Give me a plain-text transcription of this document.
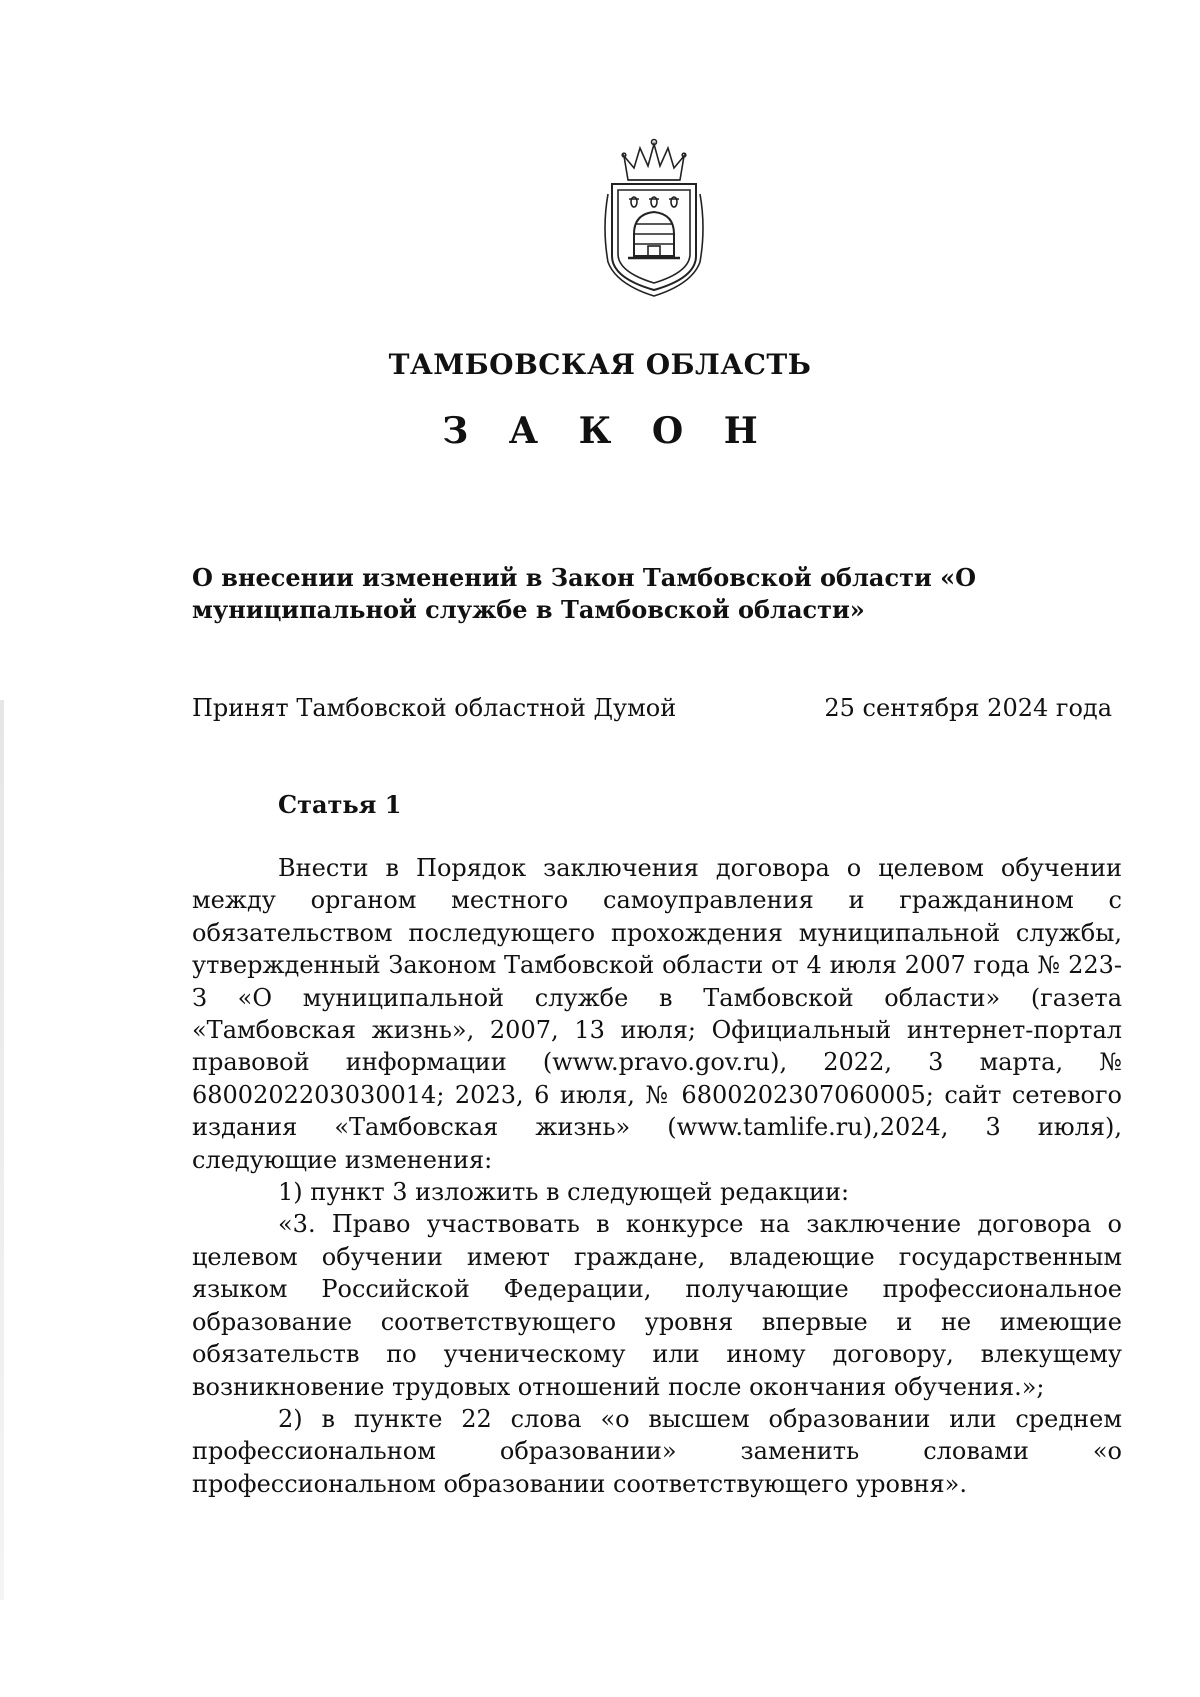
ТАМБОВСКАЯ ОБЛАСТЬ
З А К О Н
О внесении изменений в Закон Тамбовской области «О муниципальной службе в Тамбовской области»
Принят Тамбовской областной Думой	25 сентября 2024 года
Статья 1

Внести в Порядок заключения договора о целевом обучении между органом местного самоуправления и гражданином с обязательством последующего прохождения муниципальной службы, утвержденный Законом Тамбовской области от 4 июля 2007 года № 223-З «О муниципальной службе в Тамбовской области» (газета «Тамбовская жизнь», 2007, 13 июля; Официальный интернет-портал правовой информации (www.pravo.gov.ru), 2022, 3 марта, № 6800202203030014; 2023, 6 июля, № 6800202307060005; сайт сетевого издания «Тамбовская жизнь» (www.tamlife.ru),2024, 3 июля), следующие изменения:

1) пункт 3 изложить в следующей редакции:

«3. Право участвовать в конкурсе на заключение договора о целевом обучении имеют граждане, владеющие государственным языком Российской Федерации, получающие профессиональное образование соответствующего уровня впервые и не имеющие обязательств по ученическому или иному договору, влекущему возникновение трудовых отношений после окончания обучения.»;

2) в пункте 22 слова «о высшем образовании или среднем профессиональном образовании» заменить словами «о профессиональном образовании соответствующего уровня».
